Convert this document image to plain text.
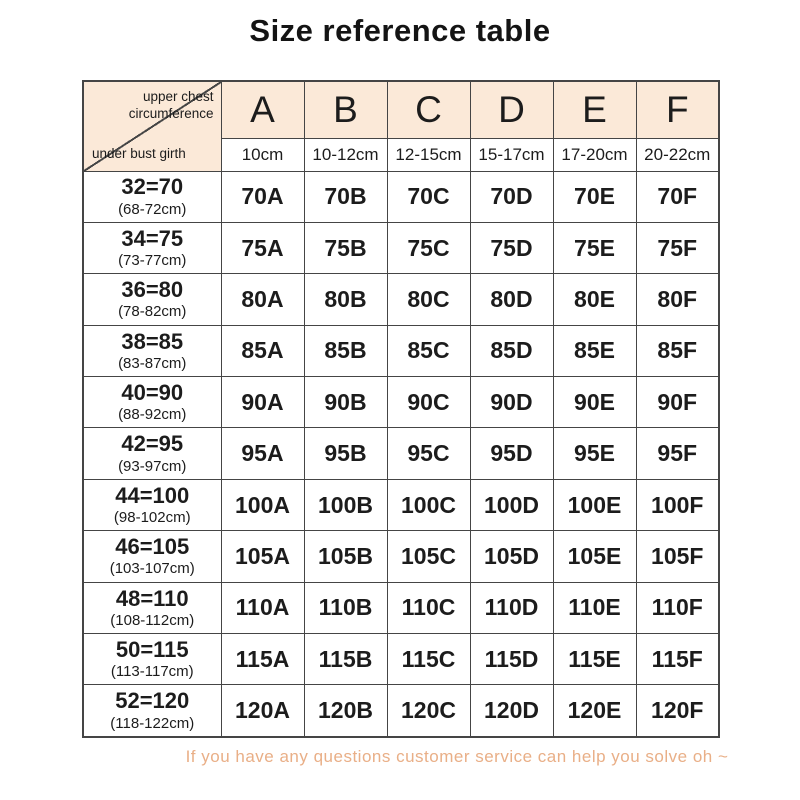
Size reference table
upper chest circumference
under bust girth	A	B	C	D	E	F
	10cm	10-12cm	12-15cm	15-17cm	17-20cm	20-22cm

32=70
(68-72cm)	70A	70B	70C	70D	70E	70F

34=75
(73-77cm)	75A	75B	75C	75D	75E	75F

36=80
(78-82cm)	80A	80B	80C	80D	80E	80F

38=85
(83-87cm)	85A	85B	85C	85D	85E	85F

40=90
(88-92cm)	90A	90B	90C	90D	90E	90F

42=95
(93-97cm)	95A	95B	95C	95D	95E	95F

44=100
(98-102cm)	100A	100B	100C	100D	100E	100F

46=105
(103-107cm)	105A	105B	105C	105D	105E	105F

48=110
(108-112cm)	110A	110B	110C	110D	110E	110F

50=115
(113-117cm)	115A	115B	115C	115D	115E	115F

52=120
(118-122cm)	120A	120B	120C	120D	120E	120F
If you have any questions customer service can help you solve oh ~
